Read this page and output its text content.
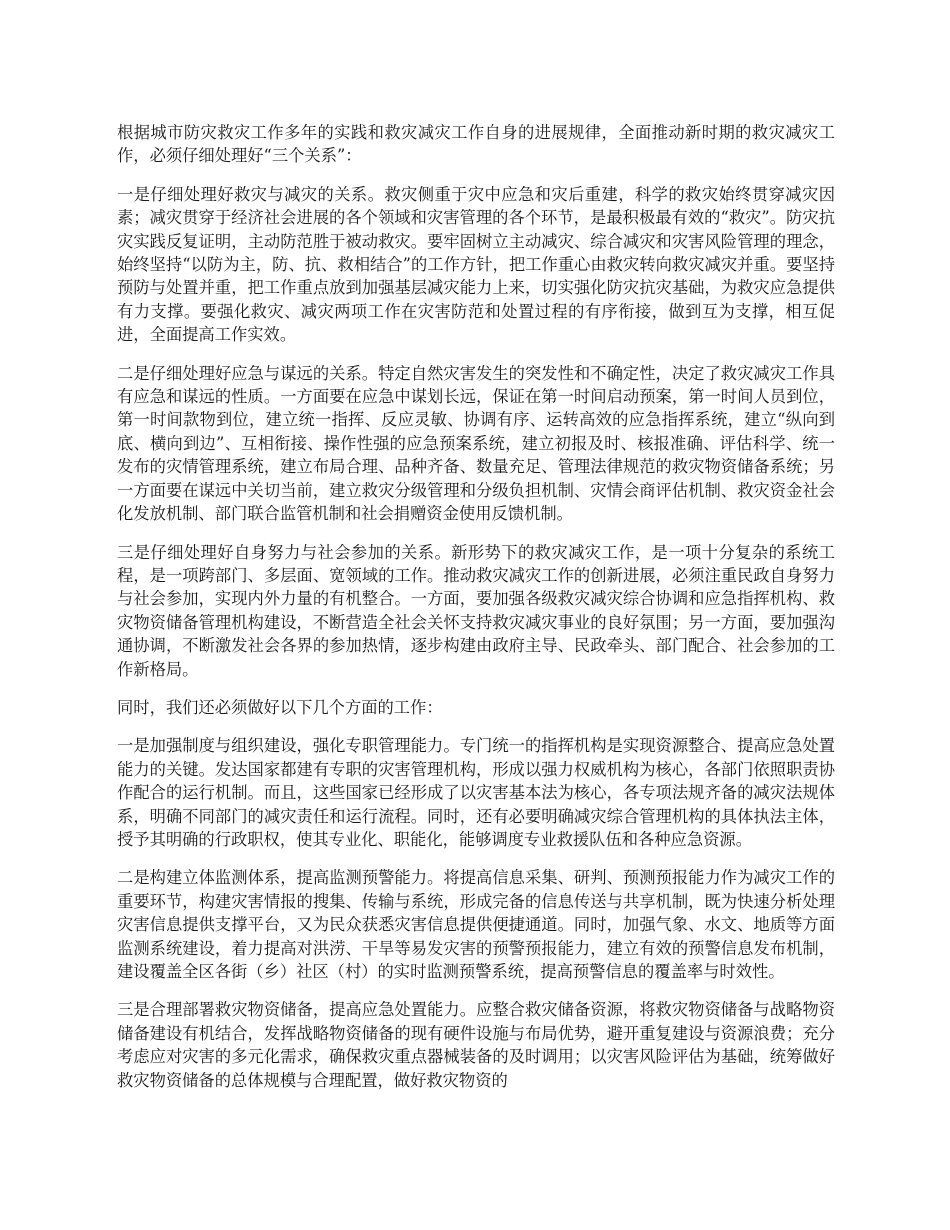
根据城市防灾救灾工作多年的实践和救灾减灾工作自身的进展规律，全面推动新时期的救灾减灾工作，必须仔细处理好“三个关系”：

一是仔细处理好救灾与减灾的关系。救灾侧重于灾中应急和灾后重建，科学的救灾始终贯穿减灾因素；减灾贯穿于经济社会进展的各个领域和灾害管理的各个环节，是最积极最有效的“救灾”。防灾抗灾实践反复证明，主动防范胜于被动救灾。要牢固树立主动减灾、综合减灾和灾害风险管理的理念，始终坚持“以防为主，防、抗、救相结合”的工作方针，把工作重心由救灾转向救灾减灾并重。要坚持预防与处置并重，把工作重点放到加强基层减灾能力上来，切实强化防灾抗灾基础，为救灾应急提供有力支撑。要强化救灾、减灾两项工作在灾害防范和处置过程的有序衔接，做到互为支撑，相互促进，全面提高工作实效。

二是仔细处理好应急与谋远的关系。特定自然灾害发生的突发性和不确定性，决定了救灾减灾工作具有应急和谋远的性质。一方面要在应急中谋划长远，保证在第一时间启动预案，第一时间人员到位，第一时间款物到位，建立统一指挥、反应灵敏、协调有序、运转高效的应急指挥系统，建立“纵向到底、横向到边”、互相衔接、操作性强的应急预案系统，建立初报及时、核报准确、评估科学、统一发布的灾情管理系统，建立布局合理、品种齐备、数量充足、管理法律规范的救灾物资储备系统；另一方面要在谋远中关切当前，建立救灾分级管理和分级负担机制、灾情会商评估机制、救灾资金社会化发放机制、部门联合监管机制和社会捐赠资金使用反馈机制。

三是仔细处理好自身努力与社会参加的关系。新形势下的救灾减灾工作，是一项十分复杂的系统工程，是一项跨部门、多层面、宽领域的工作。推动救灾减灾工作的创新进展，必须注重民政自身努力与社会参加，实现内外力量的有机整合。一方面，要加强各级救灾减灾综合协调和应急指挥机构、救灾物资储备管理机构建设，不断营造全社会关怀支持救灾减灾事业的良好氛围；另一方面，要加强沟通协调，不断激发社会各界的参加热情，逐步构建由政府主导、民政牵头、部门配合、社会参加的工作新格局。

同时，我们还必须做好以下几个方面的工作：

一是加强制度与组织建设，强化专职管理能力。专门统一的指挥机构是实现资源整合、提高应急处置能力的关键。发达国家都建有专职的灾害管理机构，形成以强力权威机构为核心，各部门依照职责协作配合的运行机制。而且，这些国家已经形成了以灾害基本法为核心，各专项法规齐备的减灾法规体系，明确不同部门的减灾责任和运行流程。同时，还有必要明确减灾综合管理机构的具体执法主体，授予其明确的行政职权，使其专业化、职能化，能够调度专业救援队伍和各种应急资源。

二是构建立体监测体系，提高监测预警能力。将提高信息采集、研判、预测预报能力作为减灾工作的重要环节，构建灾害情报的搜集、传输与系统，形成完备的信息传送与共享机制，既为快速分析处理灾害信息提供支撑平台，又为民众获悉灾害信息提供便捷通道。同时，加强气象、水文、地质等方面监测系统建设，着力提高对洪涝、干旱等易发灾害的预警预报能力，建立有效的预警信息发布机制，建设覆盖全区各街（乡）社区（村）的实时监测预警系统，提高预警信息的覆盖率与时效性。

三是合理部署救灾物资储备，提高应急处置能力。应整合救灾储备资源，将救灾物资储备与战略物资储备建设有机结合，发挥战略物资储备的现有硬件设施与布局优势，避开重复建设与资源浪费；充分考虑应对灾害的多元化需求，确保救灾重点器械装备的及时调用；以灾害风险评估为基础，统筹做好救灾物资储备的总体规模与合理配置，做好救灾物资的
